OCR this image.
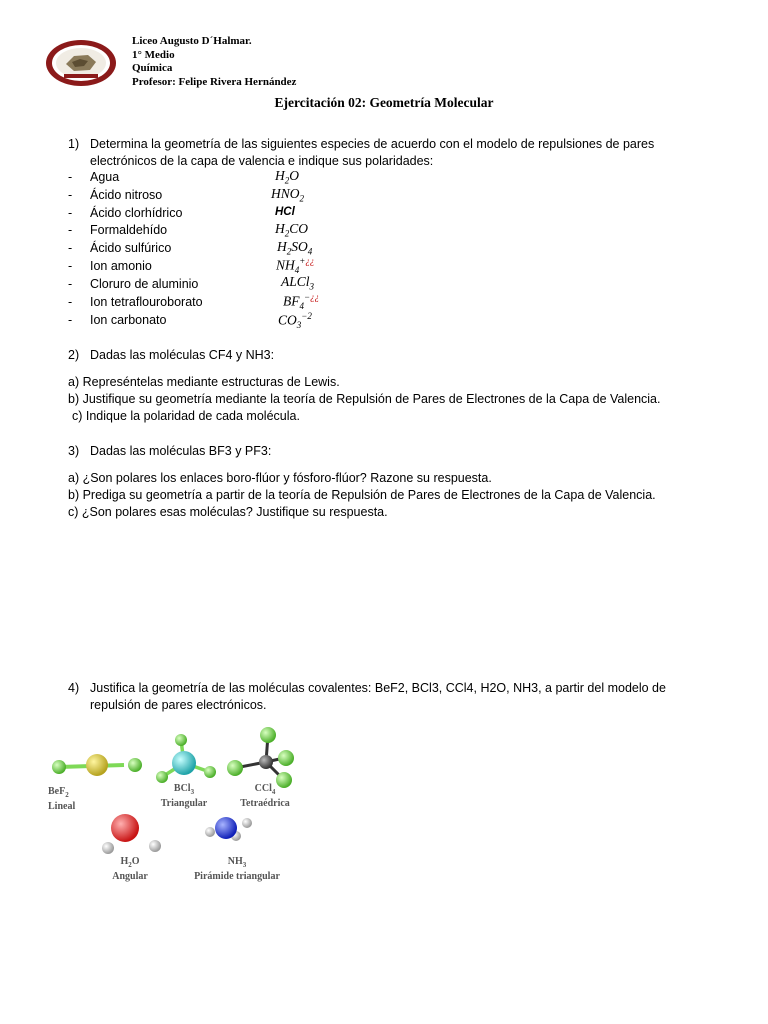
Liceo Augusto D´Halmar.
1° Medio
Química
Profesor: Felipe Rivera Hernández
Ejercitación 02: Geometría Molecular
1) Determina la geometría de las siguientes especies de acuerdo con el modelo de repulsiones de pares electrónicos de la capa de valencia e indique sus polaridades:
- Agua	$H_2O$
- Ácido nitroso	$HNO_2$
- Ácido clorhídrico	HCl
- Formaldehído	$H_2CO$
- Ácido sulfúrico	$H_2SO_4$
- Ion amonio	$NH_4^{+¿¿}$
- Cloruro de aluminio	ALCl$_3$
- Ion tetraflouroborato	$BF_4^{-¿¿}$
- Ion carbonato	$CO_3^{-2}$
2) Dadas las moléculas CF4 y NH3:
a) Represéntelas mediante estructuras de Lewis.
b) Justifique su geometría mediante la teoría de Repulsión de Pares de Electrones de la Capa de Valencia.
c) Indique la polaridad de cada molécula.
3) Dadas las moléculas BF3 y PF3:
a) ¿Son polares los enlaces boro-flúor y fósforo-flúor? Razone su respuesta.
b) Prediga su geometría a partir de la teoría de Repulsión de Pares de Electrones de la Capa de Valencia.
c) ¿Son polares esas moléculas? Justifique su respuesta.
4) Justifica la geometría de las moléculas covalentes: BeF2, BCl3, CCl4, H2O, NH3, a partir del modelo de repulsión de pares electrónicos.
BeF$_2$
Lineal
BCl$_3$
Triangular
CCl$_4$
Tetraédrica
$H_2O$
Angular
$NH_3$
Pirámide triangular
